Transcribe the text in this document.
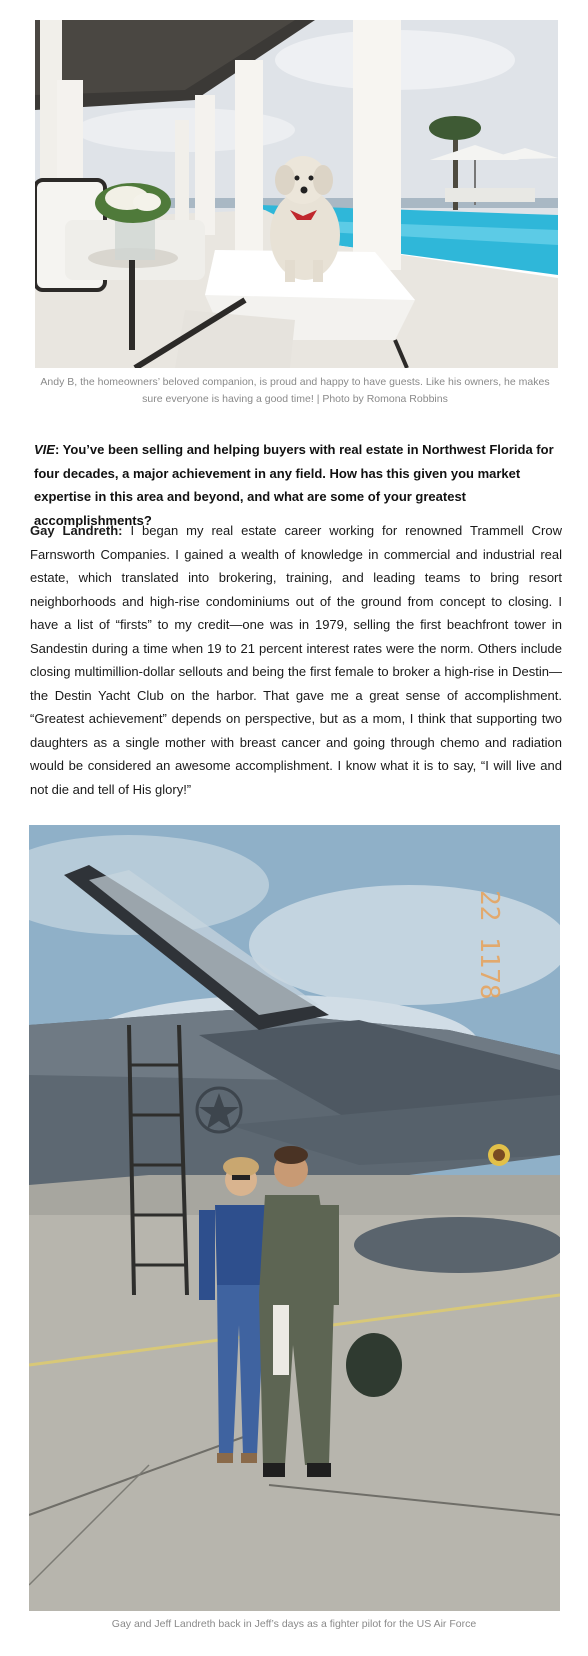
Andy B, the homeowners’ beloved companion, is proud and happy to have guests. Like his owners, he makes sure everyone is having a good time! | Photo by Romona Robbins
VIE: You’ve been selling and helping buyers with real estate in Northwest Florida for four decades, a major achievement in any field. How has this given you market expertise in this area and beyond, and what are some of your greatest accomplishments?
Gay Landreth: I began my real estate career working for renowned Trammell Crow Farnsworth Companies. I gained a wealth of knowledge in commercial and industrial real estate, which translated into brokering, training, and leading teams to bring resort neighborhoods and high-rise condominiums out of the ground from concept to closing. I have a list of “firsts” to my credit—one was in 1979, selling the first beachfront tower in Sandestin during a time when 19 to 21 percent interest rates were the norm. Others include closing multimillion-dollar sellouts and being the first female to broker a high-rise in Destin—the Destin Yacht Club on the harbor. That gave me a great sense of accomplishment. “Greatest achievement” depends on perspective, but as a mom, I think that supporting two daughters as a single mother with breast cancer and going through chemo and radiation would be considered an awesome accomplishment. I know what it is to say, “I will live and not die and tell of His glory!”
22 1178
Gay and Jeff Landreth back in Jeff’s days as a fighter pilot for the US Air Force
